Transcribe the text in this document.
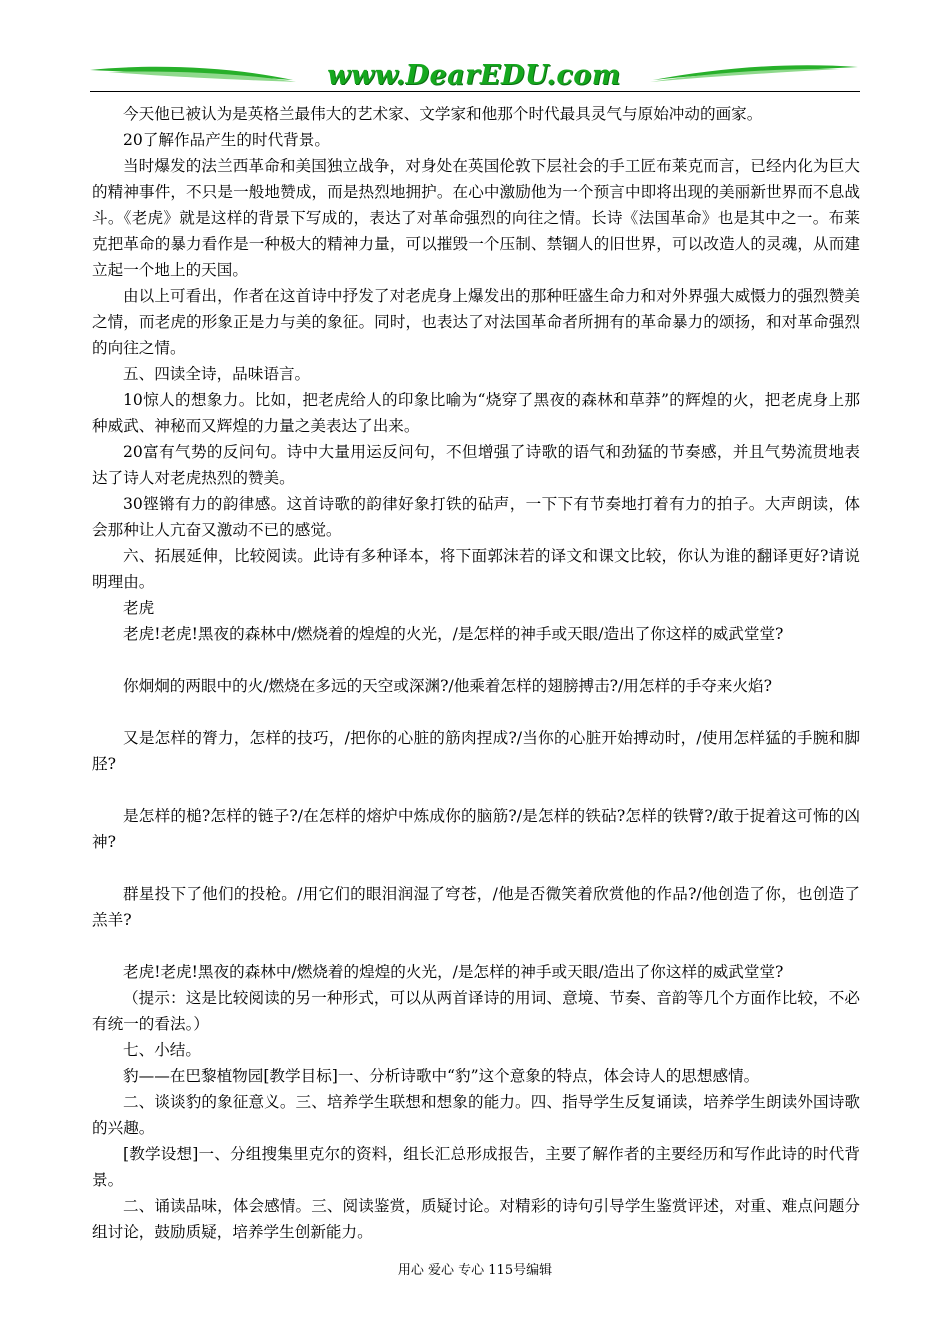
www.DearEDU.com

今天他已被认为是英格兰最伟大的艺术家、文学家和他那个时代最具灵气与原始冲动的画家。

20了解作品产生的时代背景。

当时爆发的法兰西革命和美国独立战争，对身处在英国伦敦下层社会的手工匠布莱克而言，已经内化为巨大的精神事件，不只是一般地赞成，而是热烈地拥护。在心中激励他为一个预言中即将出现的美丽新世界而不息战斗。《老虎》就是这样的背景下写成的，表达了对革命强烈的向往之情。长诗《法国革命》也是其中之一。布莱克把革命的暴力看作是一种极大的精神力量，可以摧毁一个压制、禁锢人的旧世界，可以改造人的灵魂，从而建立起一个地上的天国。

由以上可看出，作者在这首诗中抒发了对老虎身上爆发出的那种旺盛生命力和对外界强大威慑力的强烈赞美之情，而老虎的形象正是力与美的象征。同时，也表达了对法国革命者所拥有的革命暴力的颂扬，和对革命强烈的向往之情。

五、四读全诗，品味语言。

10惊人的想象力。比如，把老虎给人的印象比喻为“烧穿了黑夜的森林和草莽”的辉煌的火，把老虎身上那种威武、神秘而又辉煌的力量之美表达了出来。

20富有气势的反问句。诗中大量用运反问句，不但增强了诗歌的语气和劲猛的节奏感，并且气势流贯地表达了诗人对老虎热烈的赞美。

30铿锵有力的韵律感。这首诗歌的韵律好象打铁的砧声，一下下有节奏地打着有力的拍子。大声朗读，体会那种让人亢奋又激动不已的感觉。

六、拓展延伸，比较阅读。此诗有多种译本，将下面郭沫若的译文和课文比较，你认为谁的翻译更好?请说明理由。

老虎

老虎!老虎!黑夜的森林中/燃烧着的煌煌的火光，/是怎样的神手或天眼/造出了你这样的威武堂堂?

你炯炯的两眼中的火/燃烧在多远的天空或深渊?/他乘着怎样的翅膀搏击?/用怎样的手夺来火焰?

又是怎样的膂力，怎样的技巧，/把你的心脏的筋肉捏成?/当你的心脏开始搏动时，/使用怎样猛的手腕和脚胫?

是怎样的槌?怎样的链子?/在怎样的熔炉中炼成你的脑筋?/是怎样的铁砧?怎样的铁臂?/敢于捉着这可怖的凶神?

群星投下了他们的投枪。/用它们的眼泪润湿了穹苍，/他是否微笑着欣赏他的作品?/他创造了你，也创造了羔羊?

老虎!老虎!黑夜的森林中/燃烧着的煌煌的火光，/是怎样的神手或天眼/造出了你这样的威武堂堂?

（提示：这是比较阅读的另一种形式，可以从两首译诗的用词、意境、节奏、音韵等几个方面作比较，不必有统一的看法。）

七、小结。

豹——在巴黎植物园[教学目标]一、分析诗歌中“豹”这个意象的特点，体会诗人的思想感情。

二、谈谈豹的象征意义。三、培养学生联想和想象的能力。四、指导学生反复诵读，培养学生朗读外国诗歌的兴趣。

[教学设想]一、分组搜集里克尔的资料，组长汇总形成报告，主要了解作者的主要经历和写作此诗的时代背景。

二、诵读品味，体会感情。三、阅读鉴赏，质疑讨论。对精彩的诗句引导学生鉴赏评述，对重、难点问题分组讨论，鼓励质疑，培养学生创新能力。

用心 爱心 专心 115号编辑
